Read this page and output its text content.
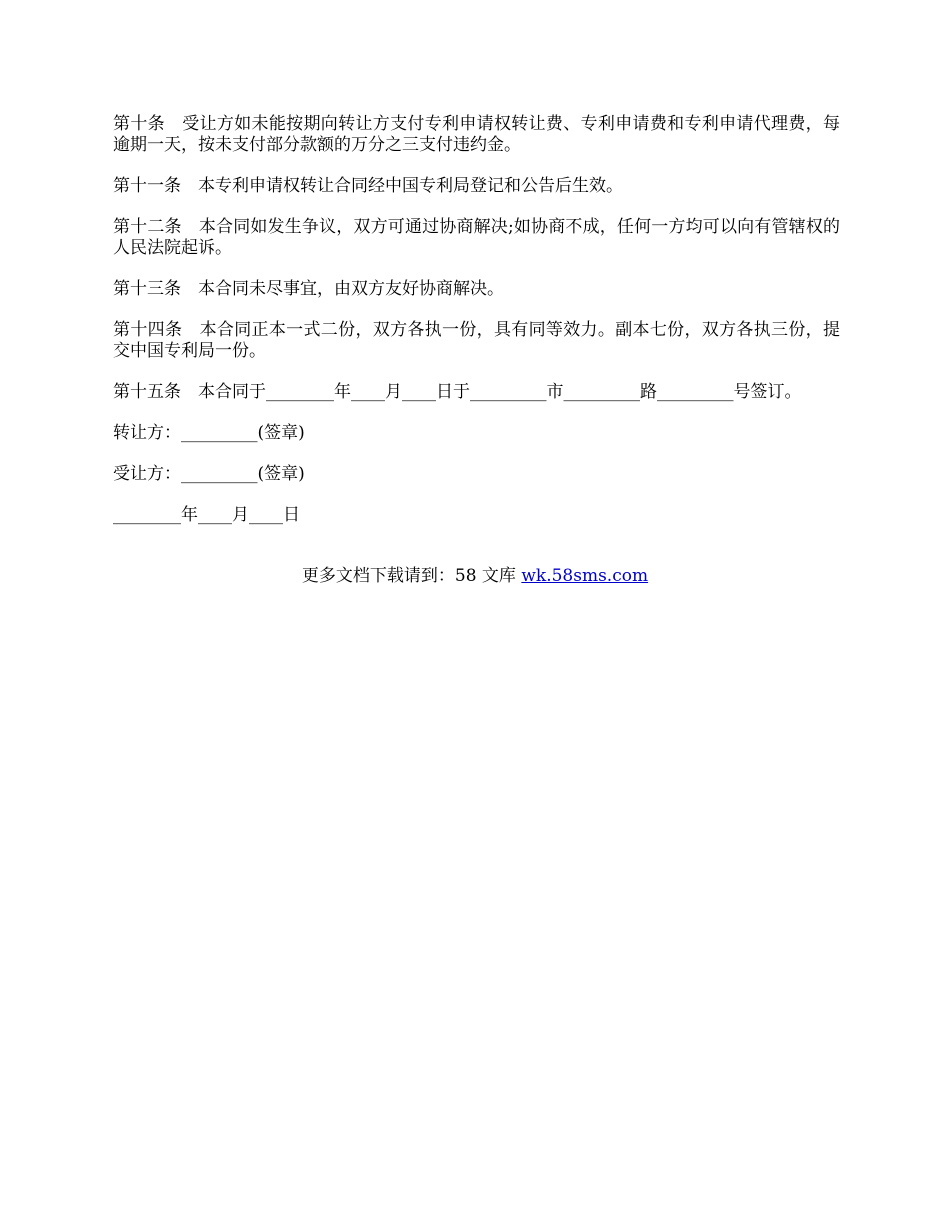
第十条　受让方如未能按期向转让方支付专利申请权转让费、专利申请费和专利申请代理费，每逾期一天，按未支付部分款额的万分之三支付违约金。

第十一条　本专利申请权转让合同经中国专利局登记和公告后生效。

第十二条　本合同如发生争议，双方可通过协商解决;如协商不成，任何一方均可以向有管辖权的人民法院起诉。

第十三条　本合同未尽事宜，由双方友好协商解决。

第十四条　本合同正本一式二份，双方各执一份，具有同等效力。副本七份，双方各执三份，提交中国专利局一份。

第十五条　本合同于________年____月____日于_________市_________路_________号签订。

转让方：_________(签章)

受让方：_________(签章)

________年____月____日

更多文档下载请到：58 文库 wk.58sms.com
